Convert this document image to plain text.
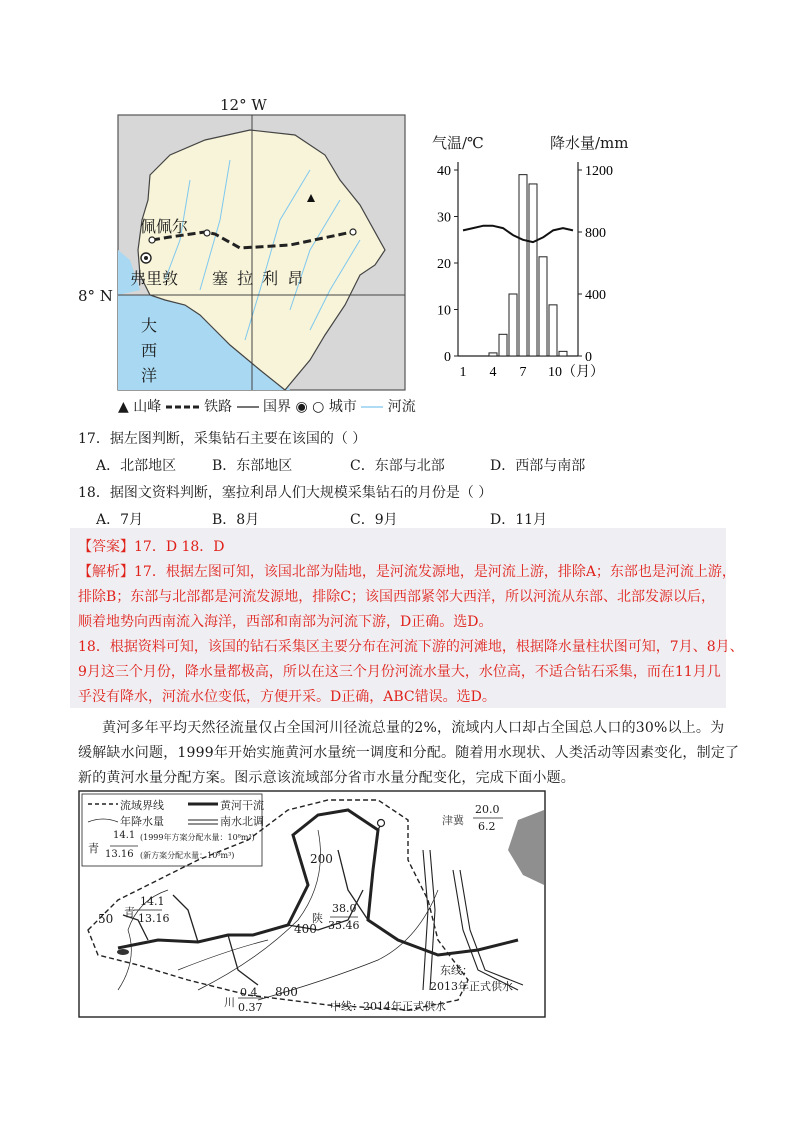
12° W
8° N
佩佩尔
弗里敦 塞 拉 利 昂
大
西
洋
▲ 山峰	铁路 国界 ◉ ○ 城市 河流
气温/℃	降水量/mm
40
30
20
10
0
1200
800
400
0
1 4 7 10（月）
17．据左图判断，采集钻石主要在该国的（ ）
A．北部地区	B．东部地区	C．东部与北部	D．西部与南部
18．据图文资料判断，塞拉利昂人们大规模采集钻石的月份是（ ）
A．7月	B．8月	C．9月	D．11月
【答案】17．D 18．D
【解析】17．根据左图可知，该国北部为陆地，是河流发源地，是河流上游，排除A；东部也是河流上游，
排除B；东部与北部都是河流发源地，排除C；该国西部紧邻大西洋，所以河流从东部、北部发源以后，
顺着地势向西南流入海洋，西部和南部为河流下游，D正确。选D。
18．根据资料可知，该国的钻石采集区主要分布在河流下游的河滩地，根据降水量柱状图可知，7月、8月、
9月这三个月份，降水量都极高，所以在这三个月份河流水量大，水位高，不适合钻石采集，而在11月几
乎没有降水，河流水位变低，方便开采。D正确，ABC错误。选D。
黄河多年平均天然径流量仅占全国河川径流总量的2%，流域内人口却占全国总人口的30%以上。为
缓解缺水问题，1999年开始实施黄河水量统一调度和分配。随着用水现状、人类活动等因素变化，制定了
新的黄河水量分配方案。图示意该流域部分省市水量分配变化，完成下面小题。
流域界线	黄河干流
年降水量	南水北调
14.1
青 13.16
(1999年方案分配水量：10⁸m³)
(新方案分配水量：10⁸m³)
津冀
20.0
6.2
14.1
青 13.16
38.0
陕
35.46
0.4
川 0.37
200
400
800
50
东线：
2013年正式供水
中线：2014年正式供水
